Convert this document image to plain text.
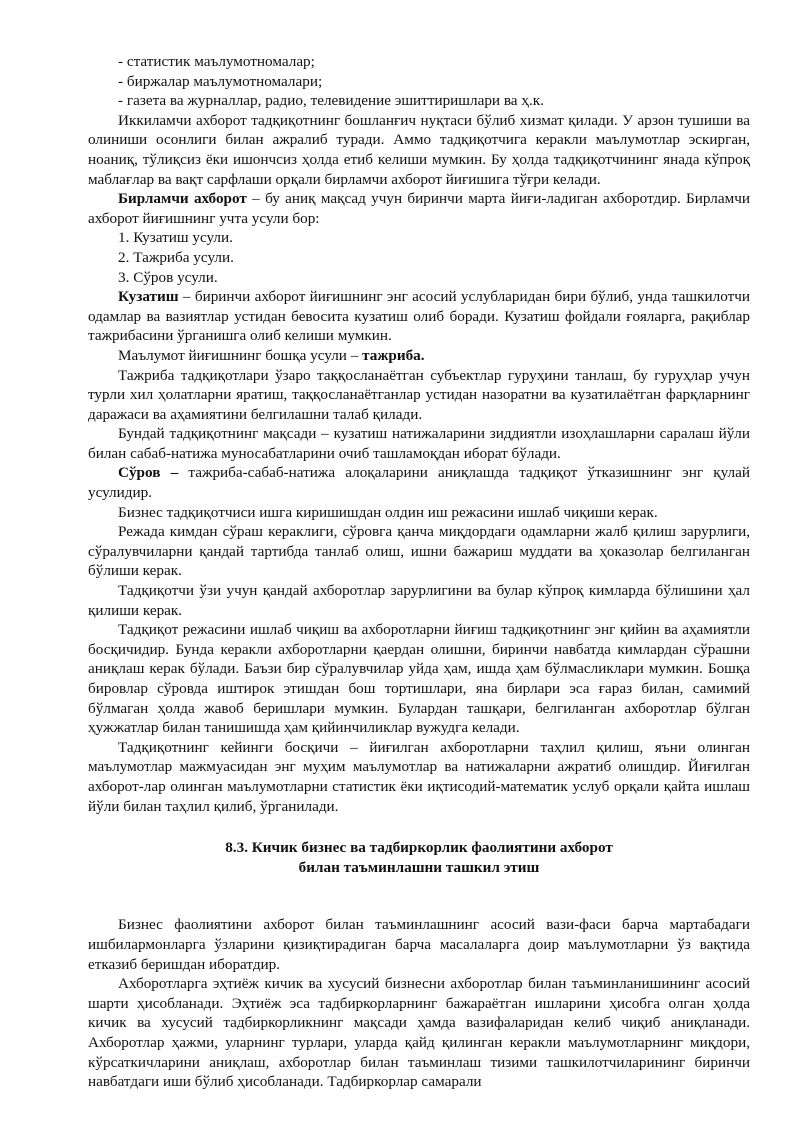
- статистик маълумотномалар;

- биржалар маълумотномалари;

- газета ва журналлар, радио, телевидение эшиттиришлари ва ҳ.к.

Иккиламчи ахборот тадқиқотнинг бошланғич нуқтаси бўлиб хизмат қилади. У арзон тушиши ва олиниши осонлиги билан ажралиб туради. Аммо тадқиқотчига керакли маълумотлар эскирган, ноаниқ, тўлиқсиз ёки ишончсиз ҳолда етиб келиши мумкин. Бу ҳолда тадқиқотчининг янада кўпроқ маблағлар ва вақт сарфлаши орқали бирламчи ахборот йиғишига тўғри келади.

Бирламчи ахборот – бу аниқ мақсад учун биринчи марта йиғи-ладиган ахборотдир. Бирламчи ахборот йиғишнинг учта усули бор:

1. Кузатиш усули.

2. Тажриба усули.

3. Сўров усули.

Кузатиш – биринчи ахборот йиғишнинг энг асосий услубларидан бири бўлиб, унда ташкилотчи одамлар ва вазиятлар устидан бевосита кузатиш олиб боради. Кузатиш фойдали ғояларга, рақиблар тажрибасини ўрганишга олиб келиши мумкин.

Маълумот йиғишнинг бошқа усули – тажриба.

Тажриба тадқиқотлари ўзаро таққосланаётган субъектлар гуруҳини танлаш, бу гуруҳлар учун турли хил ҳолатларни яратиш, таққосланаётганлар устидан назоратни ва кузатилаётган фарқларнинг даражаси ва аҳамиятини белгилашни талаб қилади.

Бундай тадқиқотнинг мақсади – кузатиш натижаларини зиддиятли изоҳлашларни саралаш йўли билан сабаб-натижа муносабатларини очиб ташламоқдан иборат бўлади.

Сўров – тажриба-сабаб-натижа алоқаларини аниқлашда тадқиқот ўтказишнинг энг қулай усулидир.

Бизнес тадқиқотчиси ишга киришишдан олдин иш режасини ишлаб чиқиши керак.

Режада кимдан сўраш кераклиги, сўровга қанча миқдордаги одамларни жалб қилиш зарурлиги, сўралувчиларни қандай тартибда танлаб олиш, ишни бажариш муддати ва ҳоказолар белгиланган бўлиши керак.

Тадқиқотчи ўзи учун қандай ахборотлар зарурлигини ва булар кўпроқ кимларда бўлишини ҳал қилиши керак.

Тадқиқот режасини ишлаб чиқиш ва ахборотларни йиғиш тадқиқотнинг энг қийин ва аҳамиятли босқичидир. Бунда керакли ахборотларни қаердан олишни, биринчи навбатда кимлардан сўрашни аниқлаш керак бўлади. Баъзи бир сўралувчилар уйда ҳам, ишда ҳам бўлмасликлари мумкин. Бошқа бировлар сўровда иштирок этишдан бош тортишлари, яна бирлари эса ғараз билан, самимий бўлмаган ҳолда жавоб беришлари мумкин. Булардан ташқари, белгиланган ахборотлар бўлган ҳужжатлар билан танишишда ҳам қийинчиликлар вужудга келади.

Тадқиқотнинг кейинги босқичи – йиғилган ахборотларни таҳлил қилиш, яъни олинган маълумотлар мажмуасидан энг муҳим маълумотлар ва натижаларни ажратиб олишдир. Йиғилган ахборот-лар олинган маълумотларни статистик ёки иқтисодий-математик услуб орқали қайта ишлаш йўли билан таҳлил қилиб, ўрганилади.

8.3. Кичик бизнес ва тадбиркорлик фаолиятини ахборот
билан таъминлашни ташкил этиш

Бизнес фаолиятини ахборот билан таъминлашнинг асосий вази-фаси барча мартабадаги ишбилармонларга ўзларини қизиқтирадиган барча масалаларга доир маълумотларни ўз вақтида етказиб беришдан иборатдир.

Ахборотларга эҳтиёж кичик ва хусусий бизнесни ахборотлар билан таъминланишининг асосий шарти ҳисобланади. Эҳтиёж эса тадбиркорларнинг бажараётган ишларини ҳисобга олган ҳолда кичик ва хусусий тадбиркорликнинг мақсади ҳамда вазифаларидан келиб чиқиб аниқланади. Ахборотлар ҳажми, уларнинг турлари, уларда қайд қилинган керакли маълумотларнинг миқдори, кўрсаткичларини аниқлаш, ахборотлар билан таъминлаш тизими ташкилотчиларининг биринчи навбатдаги иши бўлиб ҳисобланади. Тадбиркорлар самарали
